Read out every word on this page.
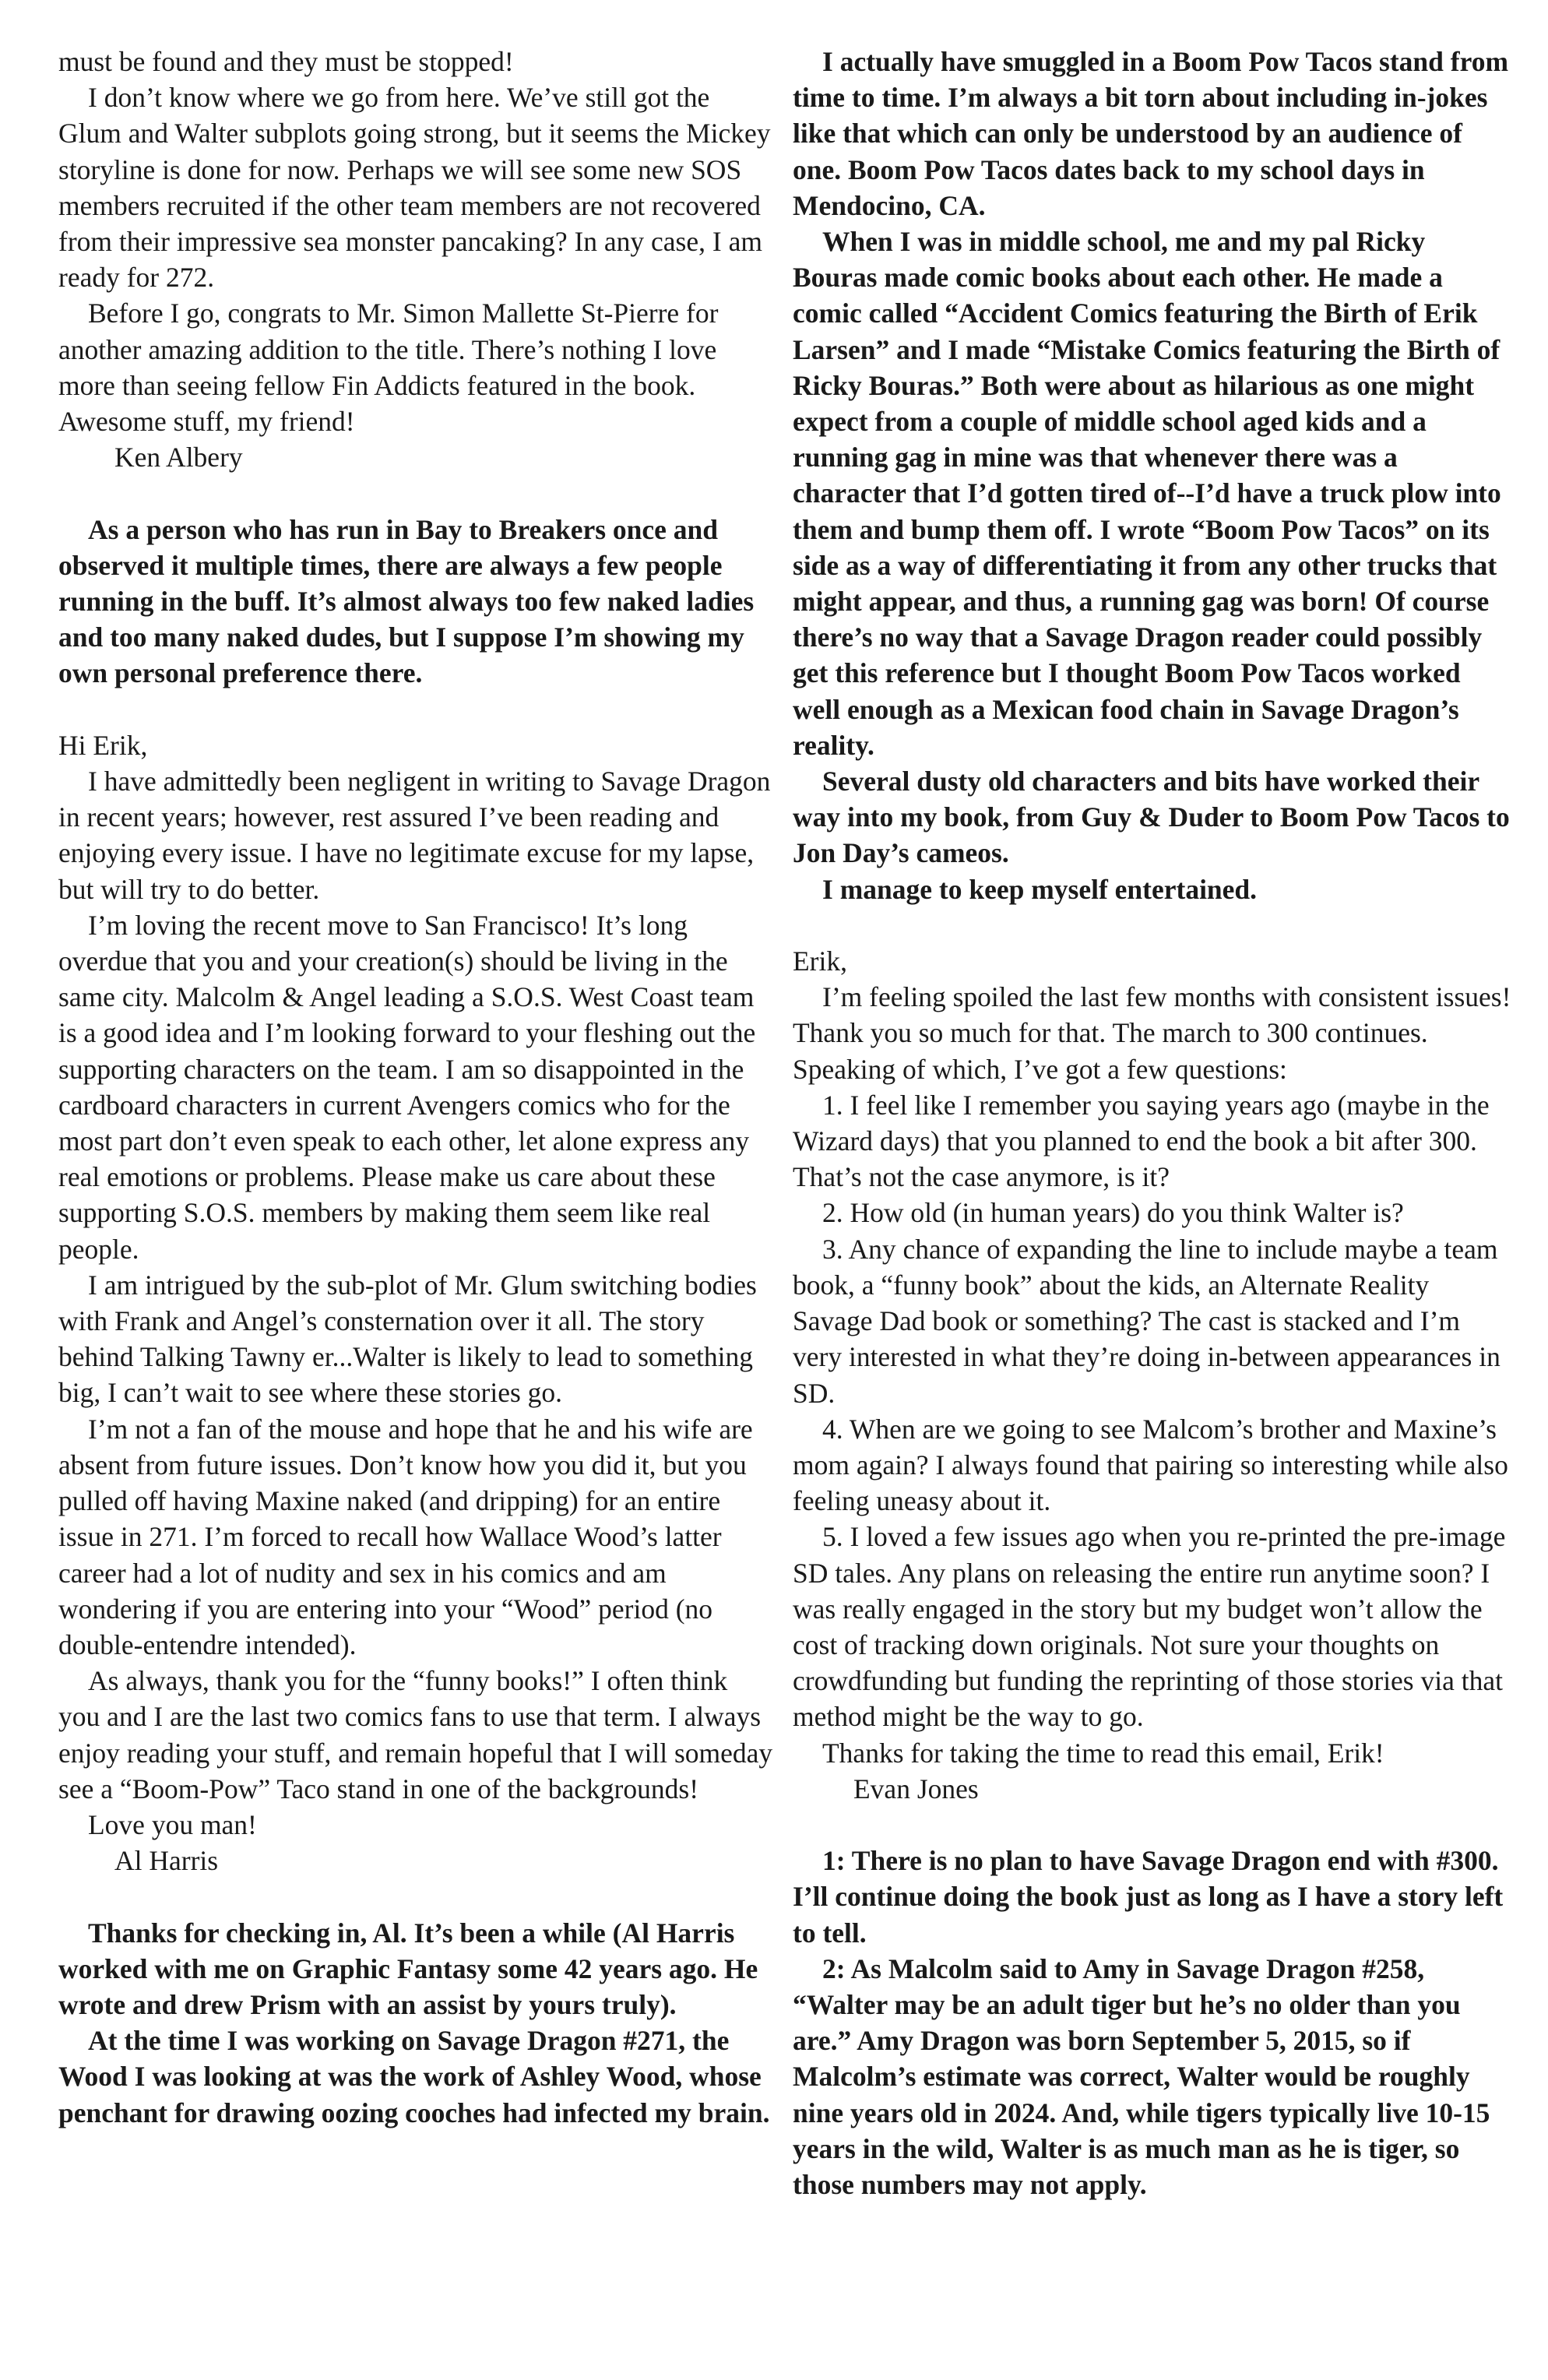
must be found and they must be stopped!

I don’t know where we go from here. We’ve still got the Glum and Walter subplots going strong, but it seems the Mickey storyline is done for now. Perhaps we will see some new SOS members recruited if the other team members are not recovered from their impressive sea monster pancaking? In any case, I am ready for 272.

Before I go, congrats to Mr. Simon Mallette St-Pierre for another amazing addition to the title. There’s nothing I love more than seeing fellow Fin Addicts featured in the book. Awesome stuff, my friend!

Ken Albery

As a person who has run in Bay to Breakers once and observed it multiple times, there are always a few people running in the buff. It’s almost always too few naked ladies and too many naked dudes, but I suppose I’m showing my own personal preference there.

Hi Erik,

I have admittedly been negligent in writing to Savage Dragon in recent years; however, rest assured I’ve been reading and enjoying every issue. I have no legitimate excuse for my lapse, but will try to do better.

I’m loving the recent move to San Francisco! It’s long overdue that you and your creation(s) should be living in the same city. Malcolm & Angel leading a S.O.S. West Coast team is a good idea and I’m looking forward to your fleshing out the supporting characters on the team. I am so disappointed in the cardboard characters in current Avengers comics who for the most part don’t even speak to each other, let alone express any real emotions or problems. Please make us care about these supporting S.O.S. members by making them seem like real people.

I am intrigued by the sub-plot of Mr. Glum switching bodies with Frank and Angel’s consternation over it all. The story behind Talking Tawny er...Walter is likely to lead to something big, I can’t wait to see where these stories go.

I’m not a fan of the mouse and hope that he and his wife are absent from future issues. Don’t know how you did it, but you pulled off having Maxine naked (and dripping) for an entire issue in 271. I’m forced to recall how Wallace Wood’s latter career had a lot of nudity and sex in his comics and am wondering if you are entering into your “Wood” period (no double-entendre intended).

As always, thank you for the “funny books!” I often think you and I are the last two comics fans to use that term. I always enjoy reading your stuff, and remain hopeful that I will someday see a “Boom-Pow” Taco stand in one of the backgrounds!

Love you man!

Al Harris

Thanks for checking in, Al. It’s been a while (Al Harris worked with me on Graphic Fantasy some 42 years ago. He wrote and drew Prism with an assist by yours truly).

At the time I was working on Savage Dragon #271, the Wood I was looking at was the work of Ashley Wood, whose penchant for drawing oozing cooches had infected my brain.

I actually have smuggled in a Boom Pow Tacos stand from time to time. I’m always a bit torn about including in-jokes like that which can only be understood by an audience of one. Boom Pow Tacos dates back to my school days in Mendocino, CA.

When I was in middle school, me and my pal Ricky Bouras made comic books about each other. He made a comic called “Accident Comics featuring the Birth of Erik Larsen” and I made “Mistake Comics featuring the Birth of Ricky Bouras.” Both were about as hilarious as one might expect from a couple of middle school aged kids and a running gag in mine was that whenever there was a character that I’d gotten tired of--I’d have a truck plow into them and bump them off. I wrote “Boom Pow Tacos” on its side as a way of differentiating it from any other trucks that might appear, and thus, a running gag was born! Of course there’s no way that a Savage Dragon reader could possibly get this reference but I thought Boom Pow Tacos worked well enough as a Mexican food chain in Savage Dragon’s reality.

Several dusty old characters and bits have worked their way into my book, from Guy & Duder to Boom Pow Tacos to Jon Day’s cameos.

I manage to keep myself entertained.

Erik,

I’m feeling spoiled the last few months with consistent issues! Thank you so much for that. The march to 300 continues. Speaking of which, I’ve got a few questions:

1. I feel like I remember you saying years ago (maybe in the Wizard days) that you planned to end the book a bit after 300. That’s not the case anymore, is it?

2. How old (in human years) do you think Walter is?

3. Any chance of expanding the line to include maybe a team book, a “funny book” about the kids, an Alternate Reality Savage Dad book or something? The cast is stacked and I’m very interested in what they’re doing in-between appearances in SD.

4. When are we going to see Malcom’s brother and Maxine’s mom again? I always found that pairing so interesting while also feeling uneasy about it.

5. I loved a few issues ago when you re-printed the pre-image SD tales. Any plans on releasing the entire run anytime soon? I was really engaged in the story but my budget won’t allow the cost of tracking down originals. Not sure your thoughts on crowdfunding but funding the reprinting of those stories via that method might be the way to go.

Thanks for taking the time to read this email, Erik!

Evan Jones

1: There is no plan to have Savage Dragon end with #300. I’ll continue doing the book just as long as I have a story left to tell.

2: As Malcolm said to Amy in Savage Dragon #258, “Walter may be an adult tiger but he’s no older than you are.” Amy Dragon was born September 5, 2015, so if Malcolm’s estimate was correct, Walter would be roughly nine years old in 2024. And, while tigers typically live 10-15 years in the wild, Walter is as much man as he is tiger, so those numbers may not apply.
